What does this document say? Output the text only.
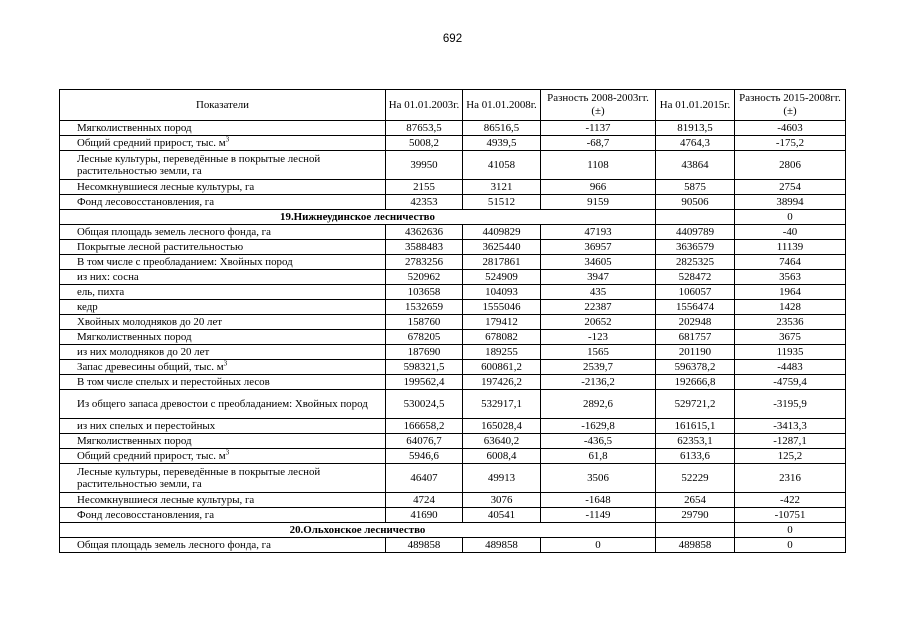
692
Показатели	На 01.01.2003г.	На 01.01.2008г.	Разность 2008-2003гг. (±)	На 01.01.2015г.	Разность 2015-2008гг. (±)
Мягколиственных пород	87653,5	86516,5	-1137	81913,5	-4603
Общий средний прирост, тыс. $м^3$	5008,2	4939,5	-68,7	4764,3	-175,2
Лесные культуры, переведённые в покрытые лесной растительностью земли, га	39950	41058	1108	43864	2806
Несомкнувшиеся лесные культуры, га	2155	3121	966	5875	2754
Фонд лесовосстановления, га	42353	51512	9159	90506	38994
19.Нижнеудинское лесничество					0
Общая площадь земель лесного фонда, га	4362636	4409829	47193	4409789	-40
Покрытые лесной растительностью	3588483	3625440	36957	3636579	11139
В том числе с преобладанием: Хвойных пород	2783256	2817861	34605	2825325	7464
из них: сосна	520962	524909	3947	528472	3563
ель, пихта	103658	104093	435	106057	1964
кедр	1532659	1555046	22387	1556474	1428
Хвойных молодняков до 20 лет	158760	179412	20652	202948	23536
Мягколиственных пород	678205	678082	-123	681757	3675
из них молодняков до 20 лет	187690	189255	1565	201190	11935
Запас древесины общий, тыс. $м^3$	598321,5	600861,2	2539,7	596378,2	-4483
В том числе спелых и перестойных лесов	199562,4	197426,2	-2136,2	192666,8	-4759,4
Из общего запаса древостои с преобладанием: Хвойных пород	530024,5	532917,1	2892,6	529721,2	-3195,9
из них спелых и перестойных	166658,2	165028,4	-1629,8	161615,1	-3413,3
Мягколиственных пород	64076,7	63640,2	-436,5	62353,1	-1287,1
Общий средний прирост, тыс. $м^3$	5946,6	6008,4	61,8	6133,6	125,2
Лесные культуры, переведённые в покрытые лесной растительностью земли, га	46407	49913	3506	52229	2316
Несомкнувшиеся лесные культуры, га	4724	3076	-1648	2654	-422
Фонд лесовосстановления, га	41690	40541	-1149	29790	-10751
20.Ольхонское лесничество					0
Общая площадь земель лесного фонда, га	489858	489858	0	489858	0
